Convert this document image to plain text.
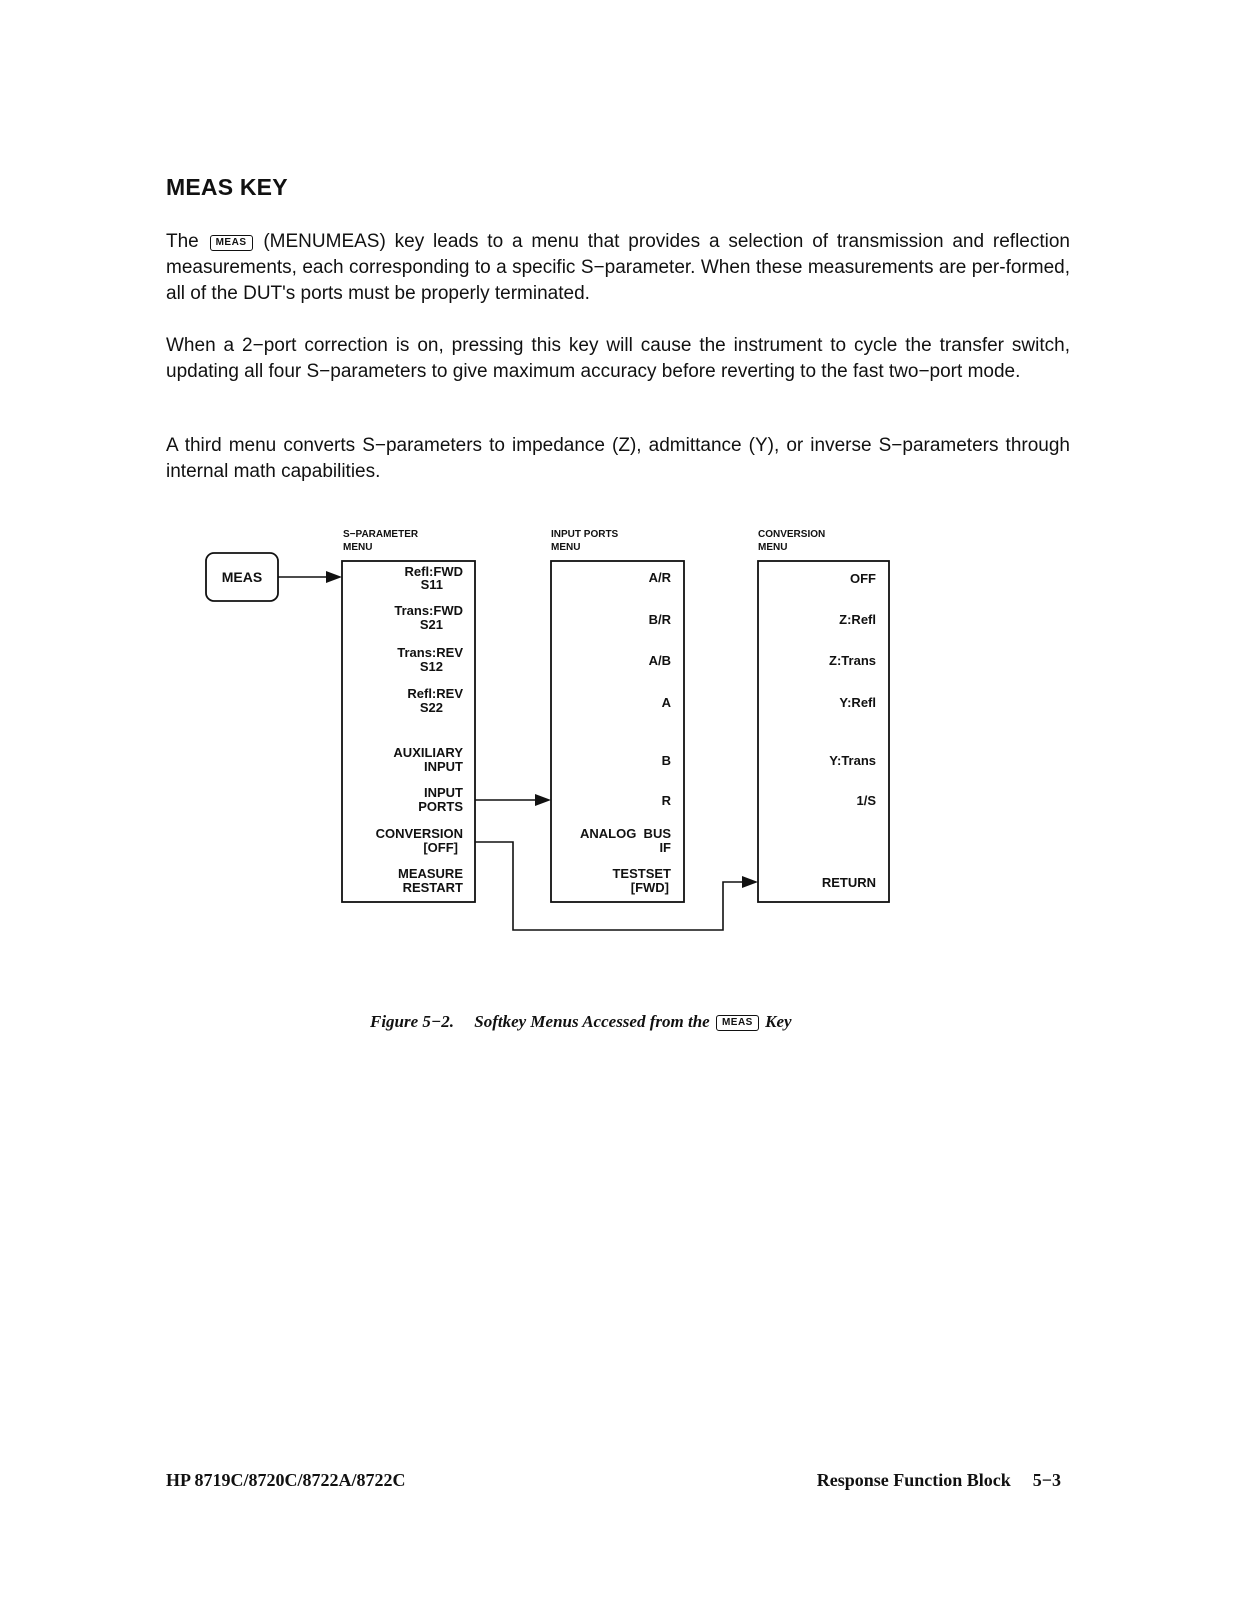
MEAS KEY
The MEAS (MENUMEAS) key leads to a menu that provides a selection of transmission and reflection measurements, each corresponding to a specific S−parameter. When these measurements are per-formed, all of the DUT's ports must be properly terminated.
When a 2−port correction is on, pressing this key will cause the instrument to cycle the transfer switch, updating all four S−parameters to give maximum accuracy before reverting to the fast two−port mode.
A third menu converts S−parameters to impedance (Z), admittance (Y), or inverse S−parameters through internal math capabilities.
MEAS
S−PARAMETER
MENU
INPUT PORTS
MENU
CONVERSION
MENU
Refl:FWD
S11
Trans:FWD
S21
Trans:REV
S12
Refl:REV
S22
AUXILIARY
INPUT
INPUT
PORTS
CONVERSION
[OFF]
MEASURE
RESTART
A/R
B/R
A/B
A
B
R
ANALOG  BUS
IF
TESTSET
[FWD]
OFF
Z:Refl
Z:Trans
Y:Refl
Y:Trans
1/S
RETURN
Figure 5−2. Softkey Menus Accessed from the MEAS Key
HP 8719C/8720C/8722A/8722C	Response Function Block 5−3
